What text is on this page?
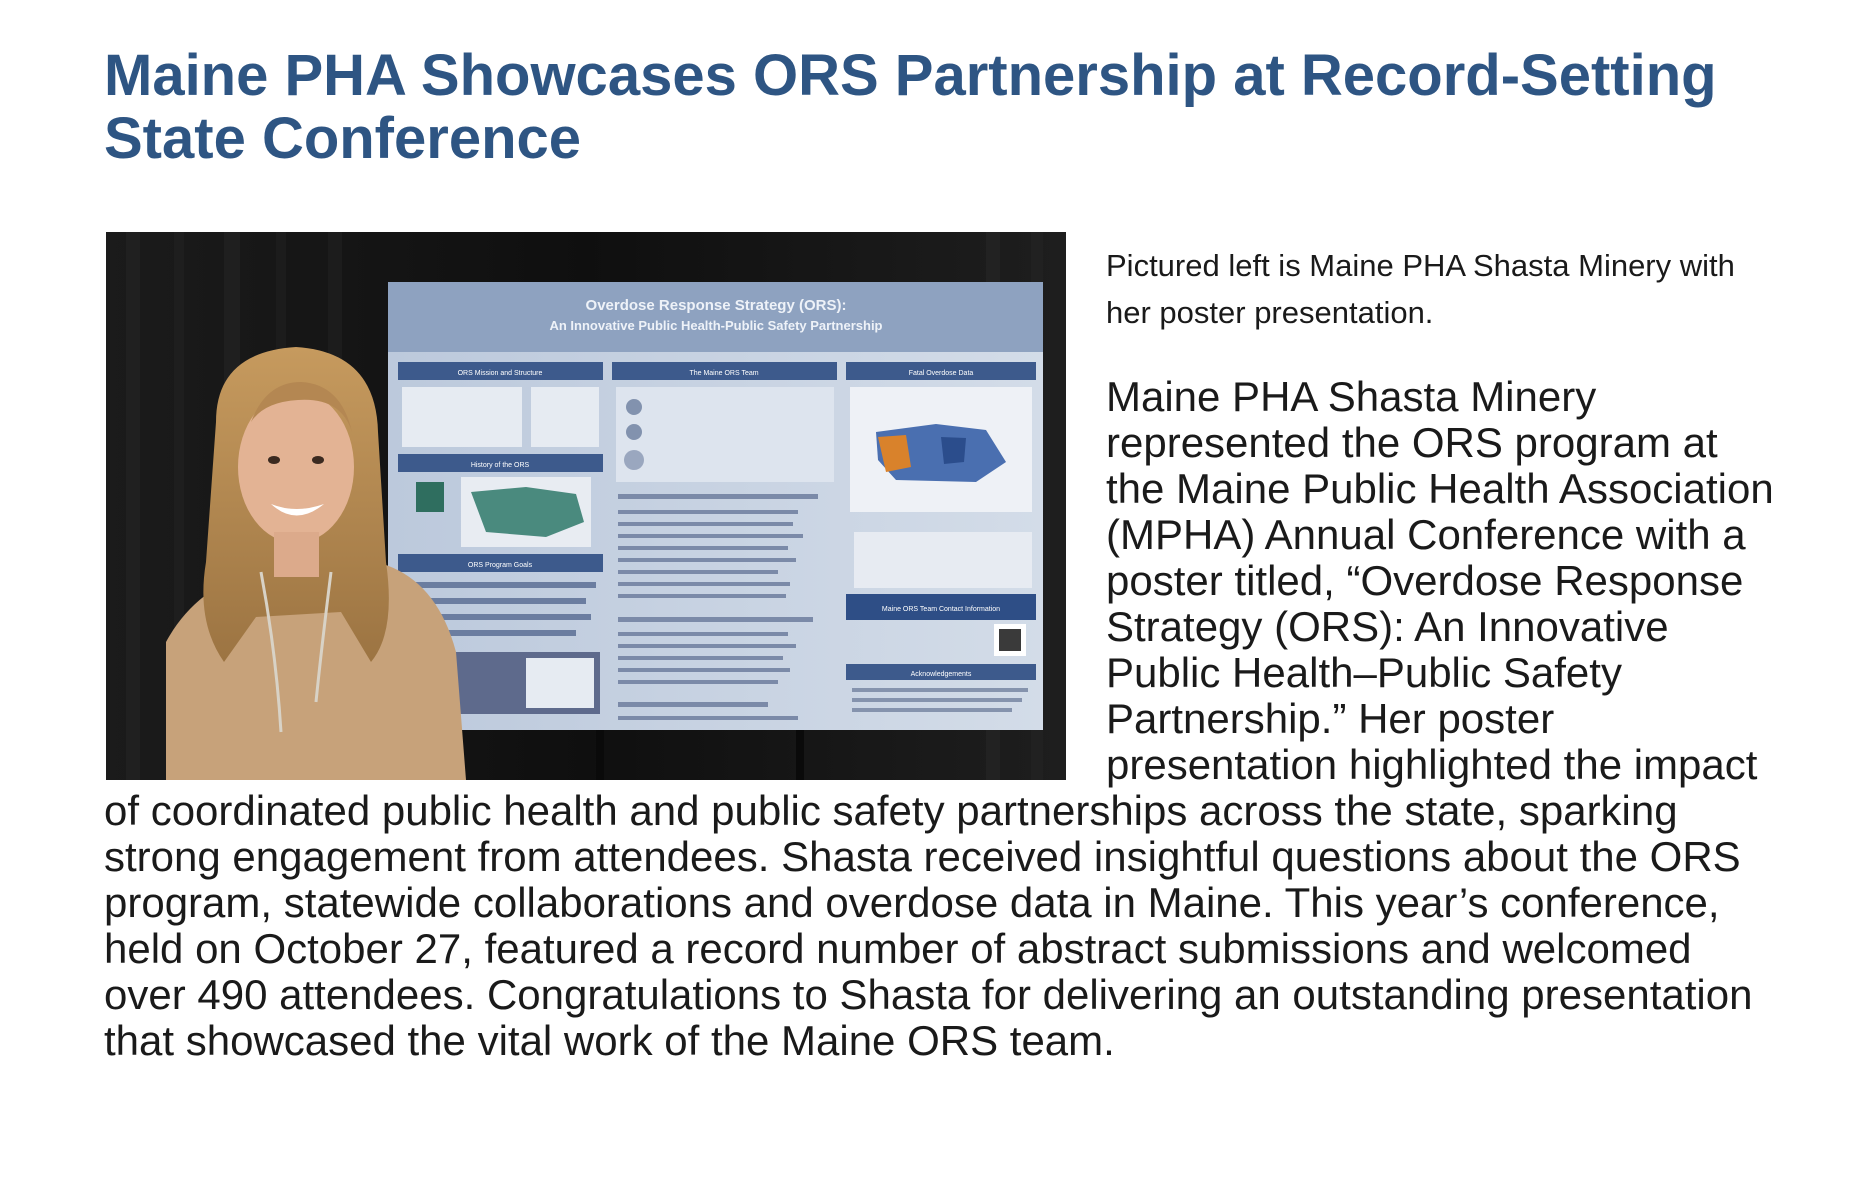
Maine PHA Showcases ORS Partnership at Record-Setting State Conference
Overdose Response Strategy (ORS):
An Innovative Public Health-Public Safety Partnership
ORS Mission and Structure
History of the ORS
ORS Program Goals
The Maine ORS Team	Fatal Overdose Data
Maine ORS Team Contact Information
Acknowledgements

Pictured left is Maine PHA Shasta Minery with her poster presentation.

Maine PHA Shasta Minery represented the ORS program at the Maine Public Health Association (MPHA) Annual Conference with a poster titled, “Overdose Response Strategy (ORS): An Innovative Public Health–Public Safety Partnership.” Her poster presentation highlighted the impact of coordinated public health and public safety partnerships across the state, sparking strong engagement from attendees. Shasta received insightful questions about the ORS program, statewide collaborations and overdose data in Maine. This year’s conference, held on October 27, featured a record number of abstract submissions and welcomed over 490 attendees. Congratulations to Shasta for delivering an outstanding presentation that showcased the vital work of the Maine ORS team.
